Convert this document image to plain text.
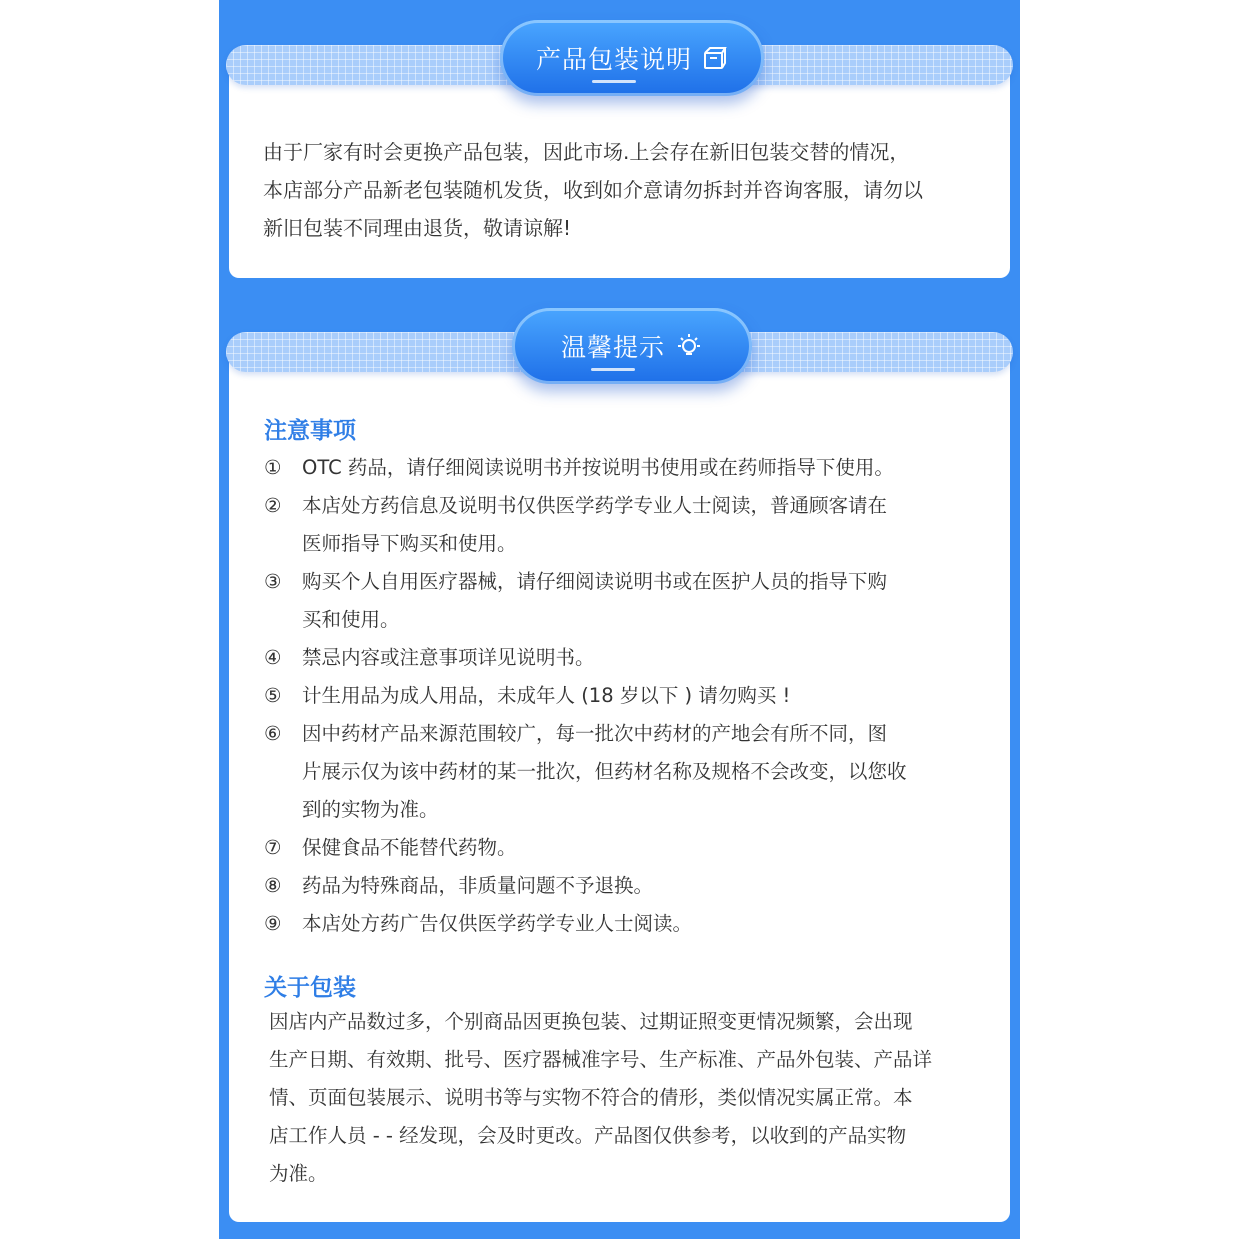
产品包装说明
由于厂家有时会更换产品包装，因此市场.上会存在新旧包装交替的情况，
本店部分产品新老包装随机发货，收到如介意请勿拆封并咨询客服，请勿以
新旧包装不同理由退货，敬请谅解!
温馨提示
注意事项
① OTC 药品，请仔细阅读说明书并按说明书使用或在药师指导下使用。
② 本店处方药信息及说明书仅供医学药学专业人士阅读，普通顾客请在
医师指导下购买和使用。
③ 购买个人自用医疗器械，请仔细阅读说明书或在医护人员的指导下购
买和使用。
④ 禁忌内容或注意事项详见说明书。
⑤ 计生用品为成人用品，未成年人 (18 岁以下 ) 请勿购买 !
⑥ 因中药材产品来源范围较广，每一批次中药材的产地会有所不同，图
片展示仅为该中药材的某一批次，但药材名称及规格不会改变，以您收
到的实物为准。
⑦ 保健食品不能替代药物。
⑧ 药品为特殊商品，非质量问题不予退换。
⑨ 本店处方药广告仅供医学药学专业人士阅读。
关于包装
因店内产品数过多，个别商品因更换包装、过期证照变更情况频繁，会出现
生产日期、有效期、批号、医疗器械准字号、生产标准、产品外包装、产品详
情、页面包装展示、说明书等与实物不符合的倩形，类似情况实属正常。本
店工作人员 - - 经发现，会及时更改。产品图仅供参考，以收到的产品实物
为准。
